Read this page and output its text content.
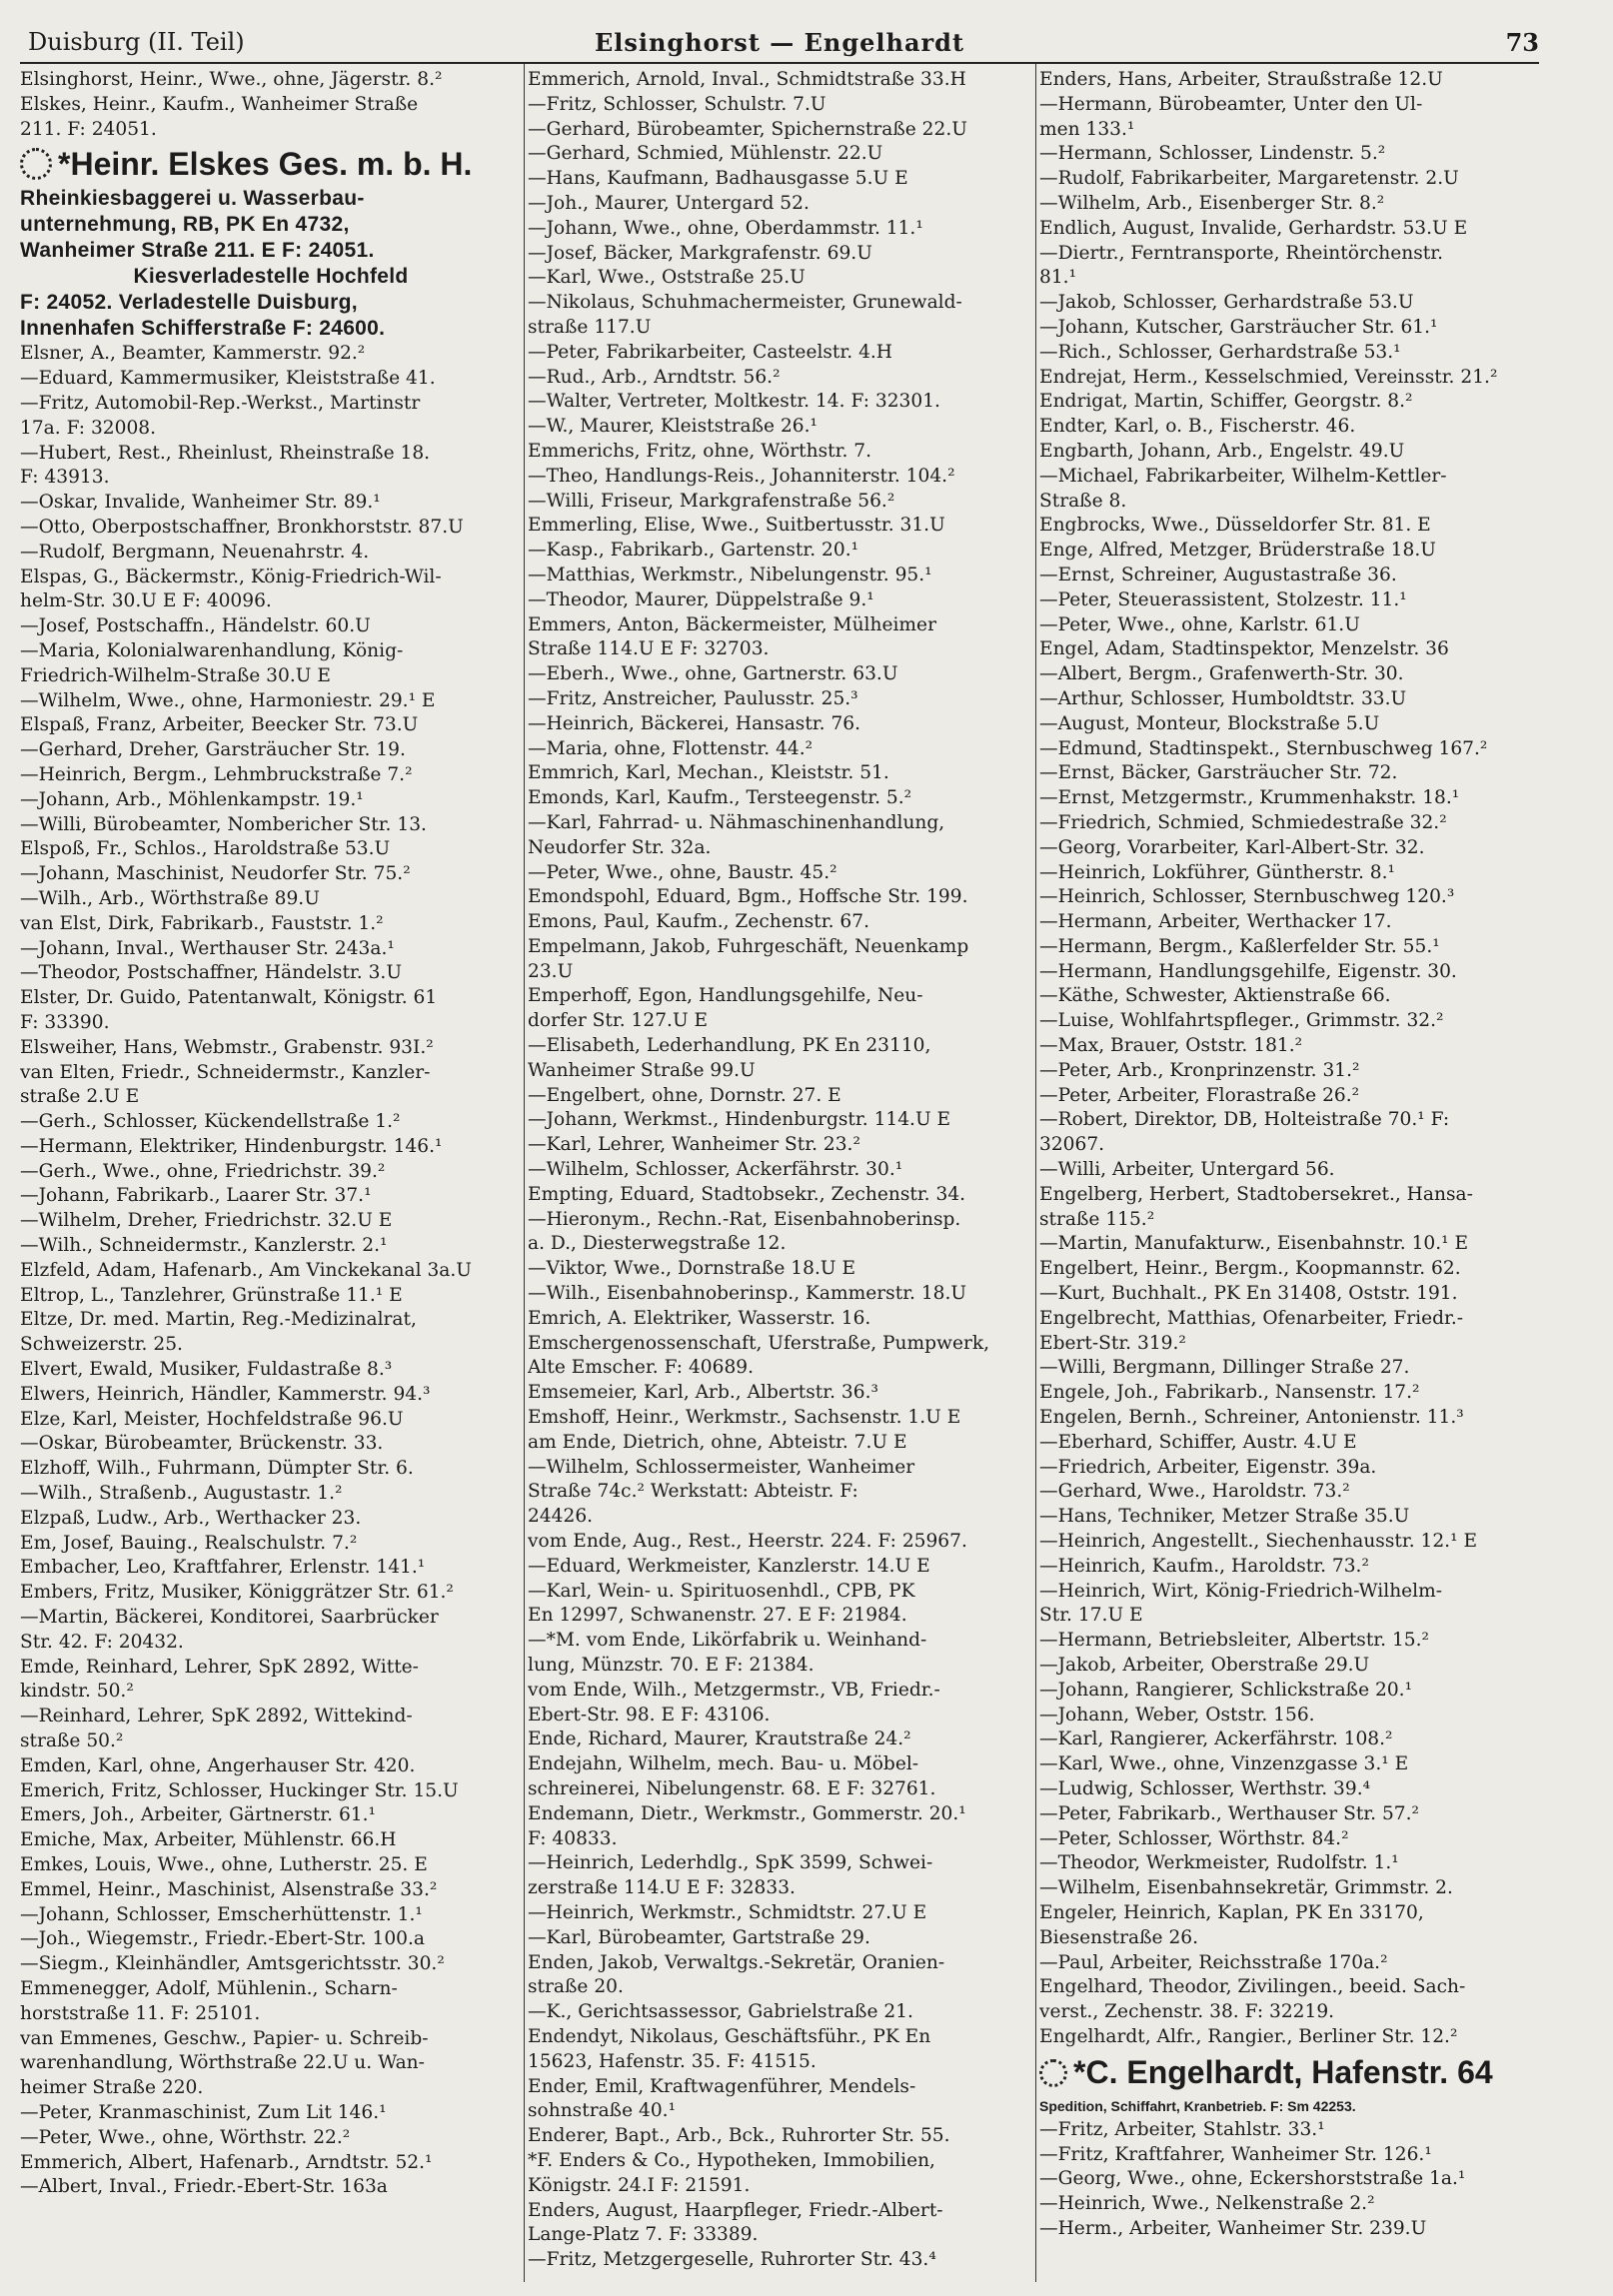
Duisburg (II. Teil)	Elsinghorst — Engelhardt	73
Elsinghorst, Heinr., Wwe., ohne, Jägerstr. 8.²
Elskes, Heinr., Kaufm., Wanheimer Straße
211. F: 24051.
*Heinr. Elskes Ges. m. b. H.
Rheinkiesbaggerei u. Wasserbau-
unternehmung, RB, PK En 4732,
Wanheimer Straße 211. E F: 24051.
Kiesverladestelle Hochfeld
F: 24052. Verladestelle Duisburg,
Innenhafen Schifferstraße F: 24600.
Elsner, A., Beamter, Kammerstr. 92.²
—Eduard, Kammermusiker, Kleiststraße 41.
—Fritz, Automobil-Rep.-Werkst., Martinstr
17a. F: 32008.
—Hubert, Rest., Rheinlust, Rheinstraße 18.
F: 43913.
—Oskar, Invalide, Wanheimer Str. 89.¹
—Otto, Oberpostschaffner, Bronkhorststr. 87.U
—Rudolf, Bergmann, Neuenahrstr. 4.
Elspas, G., Bäckermstr., König-Friedrich-Wil-
helm-Str. 30.U E F: 40096.
—Josef, Postschaffn., Händelstr. 60.U
—Maria, Kolonialwarenhandlung, König-
Friedrich-Wilhelm-Straße 30.U E
—Wilhelm, Wwe., ohne, Harmoniestr. 29.¹ E
Elspaß, Franz, Arbeiter, Beecker Str. 73.U
—Gerhard, Dreher, Garsträucher Str. 19.
—Heinrich, Bergm., Lehmbruckstraße 7.²
—Johann, Arb., Möhlenkampstr. 19.¹
—Willi, Bürobeamter, Nombericher Str. 13.
Elspoß, Fr., Schlos., Haroldstraße 53.U
—Johann, Maschinist, Neudorfer Str. 75.²
—Wilh., Arb., Wörthstraße 89.U
van Elst, Dirk, Fabrikarb., Fauststr. 1.²
—Johann, Inval., Werthauser Str. 243a.¹
—Theodor, Postschaffner, Händelstr. 3.U
Elster, Dr. Guido, Patentanwalt, Königstr. 61
F: 33390.
Elsweiher, Hans, Webmstr., Grabenstr. 93I.²
van Elten, Friedr., Schneidermstr., Kanzler-
straße 2.U E
—Gerh., Schlosser, Kückendellstraße 1.²
—Hermann, Elektriker, Hindenburgstr. 146.¹
—Gerh., Wwe., ohne, Friedrichstr. 39.²
—Johann, Fabrikarb., Laarer Str. 37.¹
—Wilhelm, Dreher, Friedrichstr. 32.U E
—Wilh., Schneidermstr., Kanzlerstr. 2.¹
Elzfeld, Adam, Hafenarb., Am Vinckekanal 3a.U
Eltrop, L., Tanzlehrer, Grünstraße 11.¹ E
Eltze, Dr. med. Martin, Reg.-Medizinalrat,
Schweizerstr. 25.
Elvert, Ewald, Musiker, Fuldastraße 8.³
Elwers, Heinrich, Händler, Kammerstr. 94.³
Elze, Karl, Meister, Hochfeldstraße 96.U
—Oskar, Bürobeamter, Brückenstr. 33.
Elzhoff, Wilh., Fuhrmann, Dümpter Str. 6.
—Wilh., Straßenb., Augustastr. 1.²
Elzpaß, Ludw., Arb., Werthacker 23.
Em, Josef, Bauing., Realschulstr. 7.²
Embacher, Leo, Kraftfahrer, Erlenstr. 141.¹
Embers, Fritz, Musiker, Königgrätzer Str. 61.²
—Martin, Bäckerei, Konditorei, Saarbrücker
Str. 42. F: 20432.
Emde, Reinhard, Lehrer, SpK 2892, Witte-
kindstr. 50.²
—Reinhard, Lehrer, SpK 2892, Wittekind-
straße 50.²
Emden, Karl, ohne, Angerhauser Str. 420.
Emerich, Fritz, Schlosser, Huckinger Str. 15.U
Emers, Joh., Arbeiter, Gärtnerstr. 61.¹
Emiche, Max, Arbeiter, Mühlenstr. 66.H
Emkes, Louis, Wwe., ohne, Lutherstr. 25. E
Emmel, Heinr., Maschinist, Alsenstraße 33.²
—Johann, Schlosser, Emscherhüttenstr. 1.¹
—Joh., Wiegemstr., Friedr.-Ebert-Str. 100.a
—Siegm., Kleinhändler, Amtsgerichtsstr. 30.²
Emmenegger, Adolf, Mühlenin., Scharn-
horststraße 11. F: 25101.
van Emmenes, Geschw., Papier- u. Schreib-
warenhandlung, Wörthstraße 22.U u. Wan-
heimer Straße 220.
—Peter, Kranmaschinist, Zum Lit 146.¹
—Peter, Wwe., ohne, Wörthstr. 22.²
Emmerich, Albert, Hafenarb., Arndtstr. 52.¹
—Albert, Inval., Friedr.-Ebert-Str. 163a
Emmerich, Arnold, Inval., Schmidtstraße 33.H
—Fritz, Schlosser, Schulstr. 7.U
—Gerhard, Bürobeamter, Spichernstraße 22.U
—Gerhard, Schmied, Mühlenstr. 22.U
—Hans, Kaufmann, Badhausgasse 5.U E
—Joh., Maurer, Untergard 52.
—Johann, Wwe., ohne, Oberdammstr. 11.¹
—Josef, Bäcker, Markgrafenstr. 69.U
—Karl, Wwe., Oststraße 25.U
—Nikolaus, Schuhmachermeister, Grunewald-
straße 117.U
—Peter, Fabrikarbeiter, Casteelstr. 4.H
—Rud., Arb., Arndtstr. 56.²
—Walter, Vertreter, Moltkestr. 14. F: 32301.
—W., Maurer, Kleiststraße 26.¹
Emmerichs, Fritz, ohne, Wörthstr. 7.
—Theo, Handlungs-Reis., Johanniterstr. 104.²
—Willi, Friseur, Markgrafenstraße 56.²
Emmerling, Elise, Wwe., Suitbertusstr. 31.U
—Kasp., Fabrikarb., Gartenstr. 20.¹
—Matthias, Werkmstr., Nibelungenstr. 95.¹
—Theodor, Maurer, Düppelstraße 9.¹
Emmers, Anton, Bäckermeister, Mülheimer
Straße 114.U E F: 32703.
—Eberh., Wwe., ohne, Gartnerstr. 63.U
—Fritz, Anstreicher, Paulusstr. 25.³
—Heinrich, Bäckerei, Hansastr. 76.
—Maria, ohne, Flottenstr. 44.²
Emmrich, Karl, Mechan., Kleiststr. 51.
Emonds, Karl, Kaufm., Tersteegenstr. 5.²
—Karl, Fahrrad- u. Nähmaschinenhandlung,
Neudorfer Str. 32a.
—Peter, Wwe., ohne, Baustr. 45.²
Emondspohl, Eduard, Bgm., Hoffsche Str. 199.
Emons, Paul, Kaufm., Zechenstr. 67.
Empelmann, Jakob, Fuhrgeschäft, Neuenkamp
23.U
Emperhoff, Egon, Handlungsgehilfe, Neu-
dorfer Str. 127.U E
—Elisabeth, Lederhandlung, PK En 23110,
Wanheimer Straße 99.U
—Engelbert, ohne, Dornstr. 27. E
—Johann, Werkmst., Hindenburgstr. 114.U E
—Karl, Lehrer, Wanheimer Str. 23.²
—Wilhelm, Schlosser, Ackerfährstr. 30.¹
Empting, Eduard, Stadtobsekr., Zechenstr. 34.
—Hieronym., Rechn.-Rat, Eisenbahnoberinsp.
a. D., Diesterwegstraße 12.
—Viktor, Wwe., Dornstraße 18.U E
—Wilh., Eisenbahnoberinsp., Kammerstr. 18.U
Emrich, A. Elektriker, Wasserstr. 16.
Emschergenossenschaft, Uferstraße, Pumpwerk,
Alte Emscher. F: 40689.
Emsemeier, Karl, Arb., Albertstr. 36.³
Emshoff, Heinr., Werkmstr., Sachsenstr. 1.U E
am Ende, Dietrich, ohne, Abteistr. 7.U E
—Wilhelm, Schlossermeister, Wanheimer
Straße 74c.² Werkstatt: Abteistr. F:
24426.
vom Ende, Aug., Rest., Heerstr. 224. F: 25967.
—Eduard, Werkmeister, Kanzlerstr. 14.U E
—Karl, Wein- u. Spirituosenhdl., CPB, PK
En 12997, Schwanenstr. 27. E F: 21984.
—*M. vom Ende, Likörfabrik u. Weinhand-
lung, Münzstr. 70. E F: 21384.
vom Ende, Wilh., Metzgermstr., VB, Friedr.-
Ebert-Str. 98. E F: 43106.
Ende, Richard, Maurer, Krautstraße 24.²
Endejahn, Wilhelm, mech. Bau- u. Möbel-
schreinerei, Nibelungenstr. 68. E F: 32761.
Endemann, Dietr., Werkmstr., Gommerstr. 20.¹
F: 40833.
—Heinrich, Lederhdlg., SpK 3599, Schwei-
zerstraße 114.U E F: 32833.
—Heinrich, Werkmstr., Schmidtstr. 27.U E
—Karl, Bürobeamter, Gartstraße 29.
Enden, Jakob, Verwaltgs.-Sekretär, Oranien-
straße 20.
—K., Gerichtsassessor, Gabrielstraße 21.
Endendyt, Nikolaus, Geschäftsführ., PK En
15623, Hafenstr. 35. F: 41515.
Ender, Emil, Kraftwagenführer, Mendels-
sohnstraße 40.¹
Enderer, Bapt., Arb., Bck., Ruhrorter Str. 55.
*F. Enders & Co., Hypotheken, Immobilien,
Königstr. 24.I F: 21591.
Enders, August, Haarpfleger, Friedr.-Albert-
Lange-Platz 7. F: 33389.
—Fritz, Metzgergeselle, Ruhrorter Str. 43.⁴
Enders, Hans, Arbeiter, Straußstraße 12.U
—Hermann, Bürobeamter, Unter den Ul-
men 133.¹
—Hermann, Schlosser, Lindenstr. 5.²
—Rudolf, Fabrikarbeiter, Margaretenstr. 2.U
—Wilhelm, Arb., Eisenberger Str. 8.²
Endlich, August, Invalide, Gerhardstr. 53.U E
—Diertr., Ferntransporte, Rheintörchenstr.
81.¹
—Jakob, Schlosser, Gerhardstraße 53.U
—Johann, Kutscher, Garsträucher Str. 61.¹
—Rich., Schlosser, Gerhardstraße 53.¹
Endrejat, Herm., Kesselschmied, Vereinsstr. 21.²
Endrigat, Martin, Schiffer, Georgstr. 8.²
Endter, Karl, o. B., Fischerstr. 46.
Engbarth, Johann, Arb., Engelstr. 49.U
—Michael, Fabrikarbeiter, Wilhelm-Kettler-
Straße 8.
Engbrocks, Wwe., Düsseldorfer Str. 81. E
Enge, Alfred, Metzger, Brüderstraße 18.U
—Ernst, Schreiner, Augustastraße 36.
—Peter, Steuerassistent, Stolzestr. 11.¹
—Peter, Wwe., ohne, Karlstr. 61.U
Engel, Adam, Stadtinspektor, Menzelstr. 36
—Albert, Bergm., Grafenwerth-Str. 30.
—Arthur, Schlosser, Humboldtstr. 33.U
—August, Monteur, Blockstraße 5.U
—Edmund, Stadtinspekt., Sternbuschweg 167.²
—Ernst, Bäcker, Garsträucher Str. 72.
—Ernst, Metzgermstr., Krummenhakstr. 18.¹
—Friedrich, Schmied, Schmiedestraße 32.²
—Georg, Vorarbeiter, Karl-Albert-Str. 32.
—Heinrich, Lokführer, Güntherstr. 8.¹
—Heinrich, Schlosser, Sternbuschweg 120.³
—Hermann, Arbeiter, Werthacker 17.
—Hermann, Bergm., Kaßlerfelder Str. 55.¹
—Hermann, Handlungsgehilfe, Eigenstr. 30.
—Käthe, Schwester, Aktienstraße 66.
—Luise, Wohlfahrtspfleger., Grimmstr. 32.²
—Max, Brauer, Oststr. 181.²
—Peter, Arb., Kronprinzenstr. 31.²
—Peter, Arbeiter, Florastraße 26.²
—Robert, Direktor, DB, Holteistraße 70.¹ F:
32067.
—Willi, Arbeiter, Untergard 56.
Engelberg, Herbert, Stadtobersekret., Hansa-
straße 115.²
—Martin, Manufakturw., Eisenbahnstr. 10.¹ E
Engelbert, Heinr., Bergm., Koopmannstr. 62.
—Kurt, Buchhalt., PK En 31408, Oststr. 191.
Engelbrecht, Matthias, Ofenarbeiter, Friedr.-
Ebert-Str. 319.²
—Willi, Bergmann, Dillinger Straße 27.
Engele, Joh., Fabrikarb., Nansenstr. 17.²
Engelen, Bernh., Schreiner, Antonienstr. 11.³
—Eberhard, Schiffer, Austr. 4.U E
—Friedrich, Arbeiter, Eigenstr. 39a.
—Gerhard, Wwe., Haroldstr. 73.²
—Hans, Techniker, Metzer Straße 35.U
—Heinrich, Angestellt., Siechenhausstr. 12.¹ E
—Heinrich, Kaufm., Haroldstr. 73.²
—Heinrich, Wirt, König-Friedrich-Wilhelm-
Str. 17.U E
—Hermann, Betriebsleiter, Albertstr. 15.²
—Jakob, Arbeiter, Oberstraße 29.U
—Johann, Rangierer, Schlickstraße 20.¹
—Johann, Weber, Oststr. 156.
—Karl, Rangierer, Ackerfährstr. 108.²
—Karl, Wwe., ohne, Vinzenzgasse 3.¹ E
—Ludwig, Schlosser, Werthstr. 39.⁴
—Peter, Fabrikarb., Werthauser Str. 57.²
—Peter, Schlosser, Wörthstr. 84.²
—Theodor, Werkmeister, Rudolfstr. 1.¹
—Wilhelm, Eisenbahnsekretär, Grimmstr. 2.
Engeler, Heinrich, Kaplan, PK En 33170,
Biesenstraße 26.
—Paul, Arbeiter, Reichsstraße 170a.²
Engelhard, Theodor, Zivilingen., beeid. Sach-
verst., Zechenstr. 38. F: 32219.
Engelhardt, Alfr., Rangier., Berliner Str. 12.²
*C. Engelhardt, Hafenstr. 64
Spedition, Schiffahrt, Kranbetrieb. F: Sm 42253.
—Fritz, Arbeiter, Stahlstr. 33.¹
—Fritz, Kraftfahrer, Wanheimer Str. 126.¹
—Georg, Wwe., ohne, Eckershorststraße 1a.¹
—Heinrich, Wwe., Nelkenstraße 2.²
—Herm., Arbeiter, Wanheimer Str. 239.U
